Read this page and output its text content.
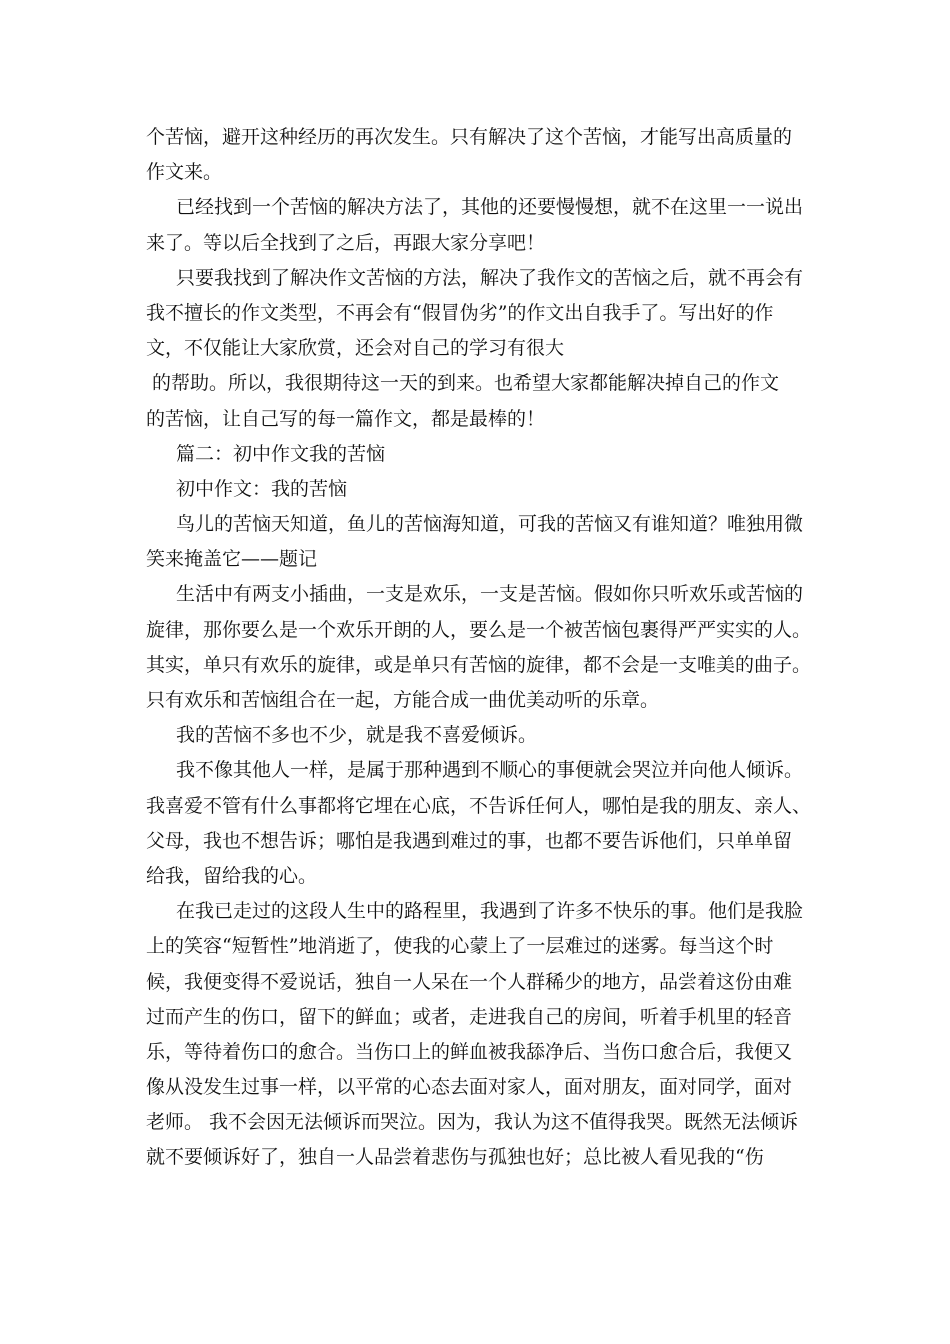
个苦恼，避开这种经历的再次发生。只有解决了这个苦恼，才能写出高质量的
作文来。
已经找到一个苦恼的解决方法了，其他的还要慢慢想，就不在这里一一说出
来了。等以后全找到了之后，再跟大家分享吧！
只要我找到了解决作文苦恼的方法，解决了我作文的苦恼之后，就不再会有
我不擅长的作文类型，不再会有“假冒伪劣”的作文出自我手了。写出好的作
文，不仅能让大家欣赏，还会对自己的学习有很大
的帮助。所以，我很期待这一天的到来。也希望大家都能解决掉自己的作文
的苦恼，让自己写的每一篇作文，都是最棒的！
篇二：初中作文我的苦恼
初中作文：我的苦恼
鸟儿的苦恼天知道，鱼儿的苦恼海知道，可我的苦恼又有谁知道？唯独用微
笑来掩盖它——题记
生活中有两支小插曲，一支是欢乐，一支是苦恼。假如你只听欢乐或苦恼的
旋律，那你要么是一个欢乐开朗的人，要么是一个被苦恼包裹得严严实实的人。
其实，单只有欢乐的旋律，或是单只有苦恼的旋律，都不会是一支唯美的曲子。
只有欢乐和苦恼组合在一起，方能合成一曲优美动听的乐章。
我的苦恼不多也不少，就是我不喜爱倾诉。
我不像其他人一样，是属于那种遇到不顺心的事便就会哭泣并向他人倾诉。
我喜爱不管有什么事都将它埋在心底，不告诉任何人，哪怕是我的朋友、亲人、
父母，我也不想告诉；哪怕是我遇到难过的事，也都不要告诉他们，只单单留
给我，留给我的心。
在我已走过的这段人生中的路程里，我遇到了许多不快乐的事。他们是我脸
上的笑容“短暂性”地消逝了，使我的心蒙上了一层难过的迷雾。每当这个时
候，我便变得不爱说话，独自一人呆在一个人群稀少的地方，品尝着这份由难
过而产生的伤口，留下的鲜血；或者，走进我自己的房间，听着手机里的轻音
乐，等待着伤口的愈合。当伤口上的鲜血被我舔净后、当伤口愈合后，我便又
像从没发生过事一样，以平常的心态去面对家人，面对朋友，面对同学，面对
老师。 我不会因无法倾诉而哭泣。因为，我认为这不值得我哭。既然无法倾诉
就不要倾诉好了，独自一人品尝着悲伤与孤独也好；总比被人看见我的“伤
